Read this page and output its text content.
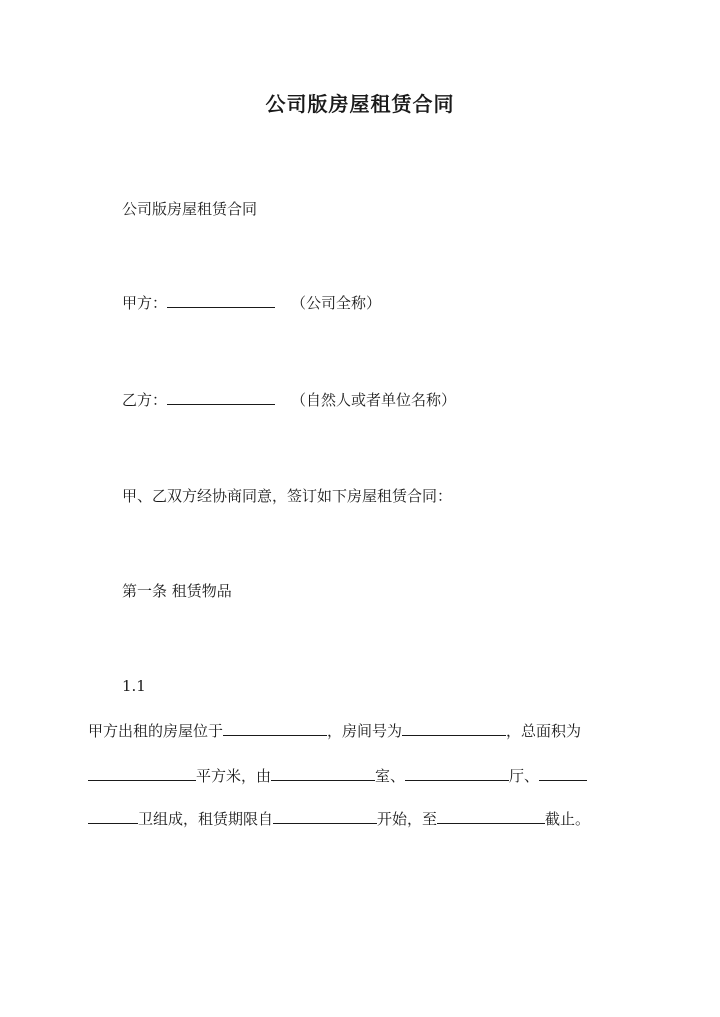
公司版房屋租赁合同
公司版房屋租赁合同
甲方：	（公司全称）
乙方：	（自然人或者单位名称）
甲、乙双方经协商同意，签订如下房屋租赁合同：
第一条 租赁物品
1.1
甲方出租的房屋位于	，房间号为	，总面积为
平方米，由	室、	厅、
卫组成，租赁期限自	开始，至	截止。
